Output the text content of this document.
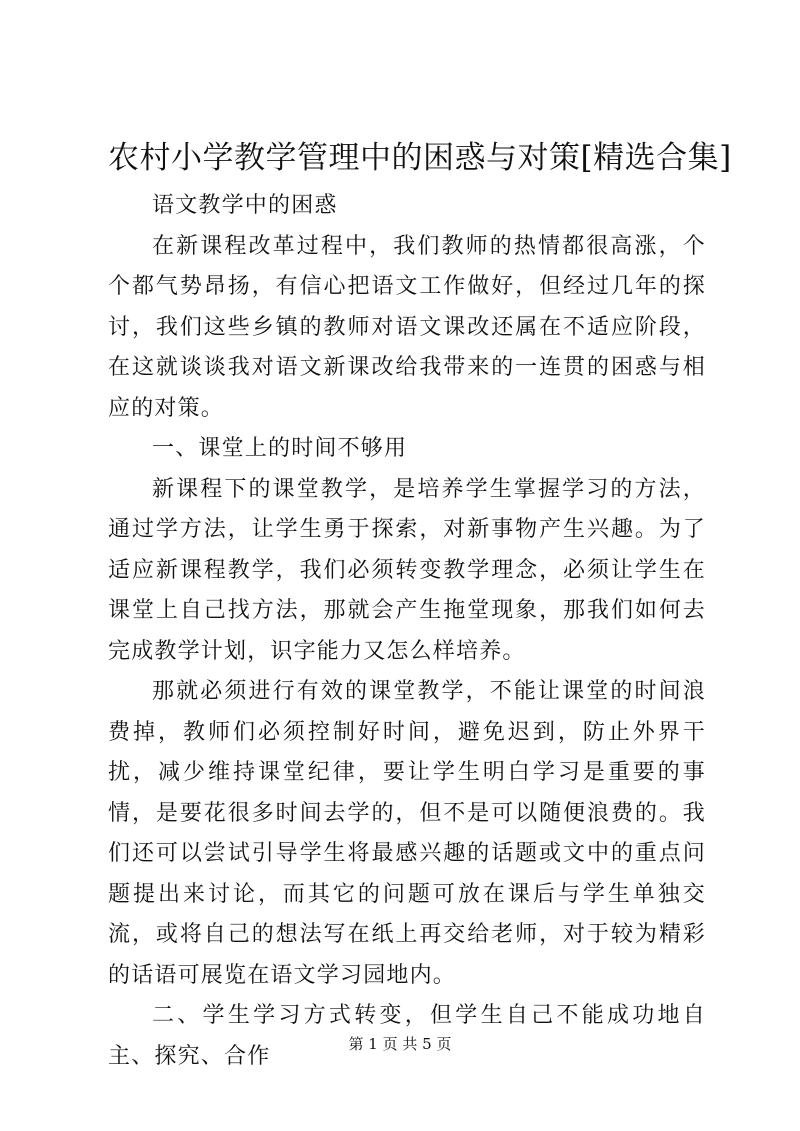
农村小学教学管理中的困惑与对策[精选合集]

语文教学中的困惑

在新课程改革过程中，我们教师的热情都很高涨，个个都气势昂扬，有信心把语文工作做好，但经过几年的探讨，我们这些乡镇的教师对语文课改还属在不适应阶段，在这就谈谈我对语文新课改给我带来的一连贯的困惑与相应的对策。

一、课堂上的时间不够用

新课程下的课堂教学，是培养学生掌握学习的方法，通过学方法，让学生勇于探索，对新事物产生兴趣。为了适应新课程教学，我们必须转变教学理念，必须让学生在课堂上自己找方法，那就会产生拖堂现象，那我们如何去完成教学计划，识字能力又怎么样培养。

那就必须进行有效的课堂教学，不能让课堂的时间浪费掉，教师们必须控制好时间，避免迟到，防止外界干扰，减少维持课堂纪律，要让学生明白学习是重要的事情，是要花很多时间去学的，但不是可以随便浪费的。我们还可以尝试引导学生将最感兴趣的话题或文中的重点问题提出来讨论，而其它的问题可放在课后与学生单独交流，或将自己的想法写在纸上再交给老师，对于较为精彩的话语可展览在语文学习园地内。

二、学生学习方式转变，但学生自己不能成功地自主、探究、合作	第 1 页 共 5 页
